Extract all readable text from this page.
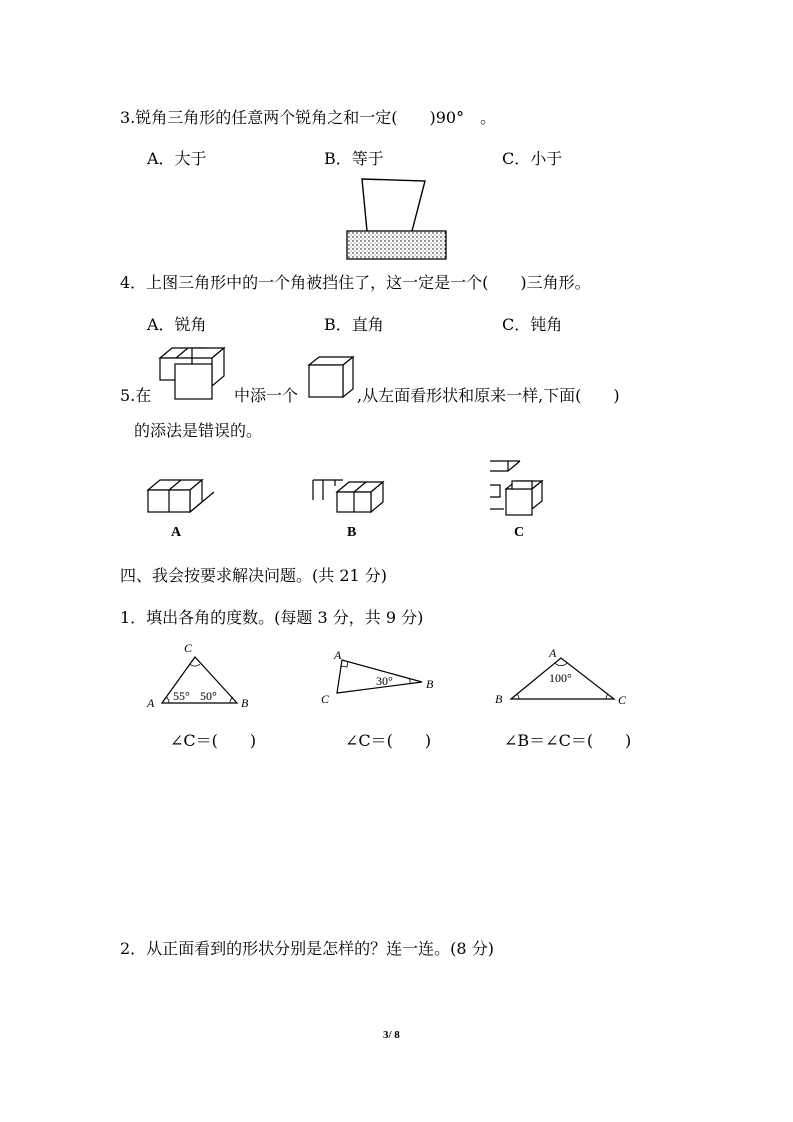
3.锐角三角形的任意两个锐角之和一定(　　)90°　。
A．大于	B．等于	C．小于
4．上图三角形中的一个角被挡住了，这一定是一个(　　)三角形。
A．锐角	B．直角	C．钝角
5.在	中添一个	,从左面看形状和原来一样,下面(　　)
的添法是错误的。
A	B	C
四、我会按要求解决问题。(共 21 分)
1．填出各角的度数。(每题 3 分，共 9 分)
C
A	B
55° 50°
A
C
B
30°
A
B	C
100°
∠C＝(　　)	∠C＝(　　)	∠B＝∠C＝(　　)
2．从正面看到的形状分别是怎样的？连一连。(8 分)
3/ 8
